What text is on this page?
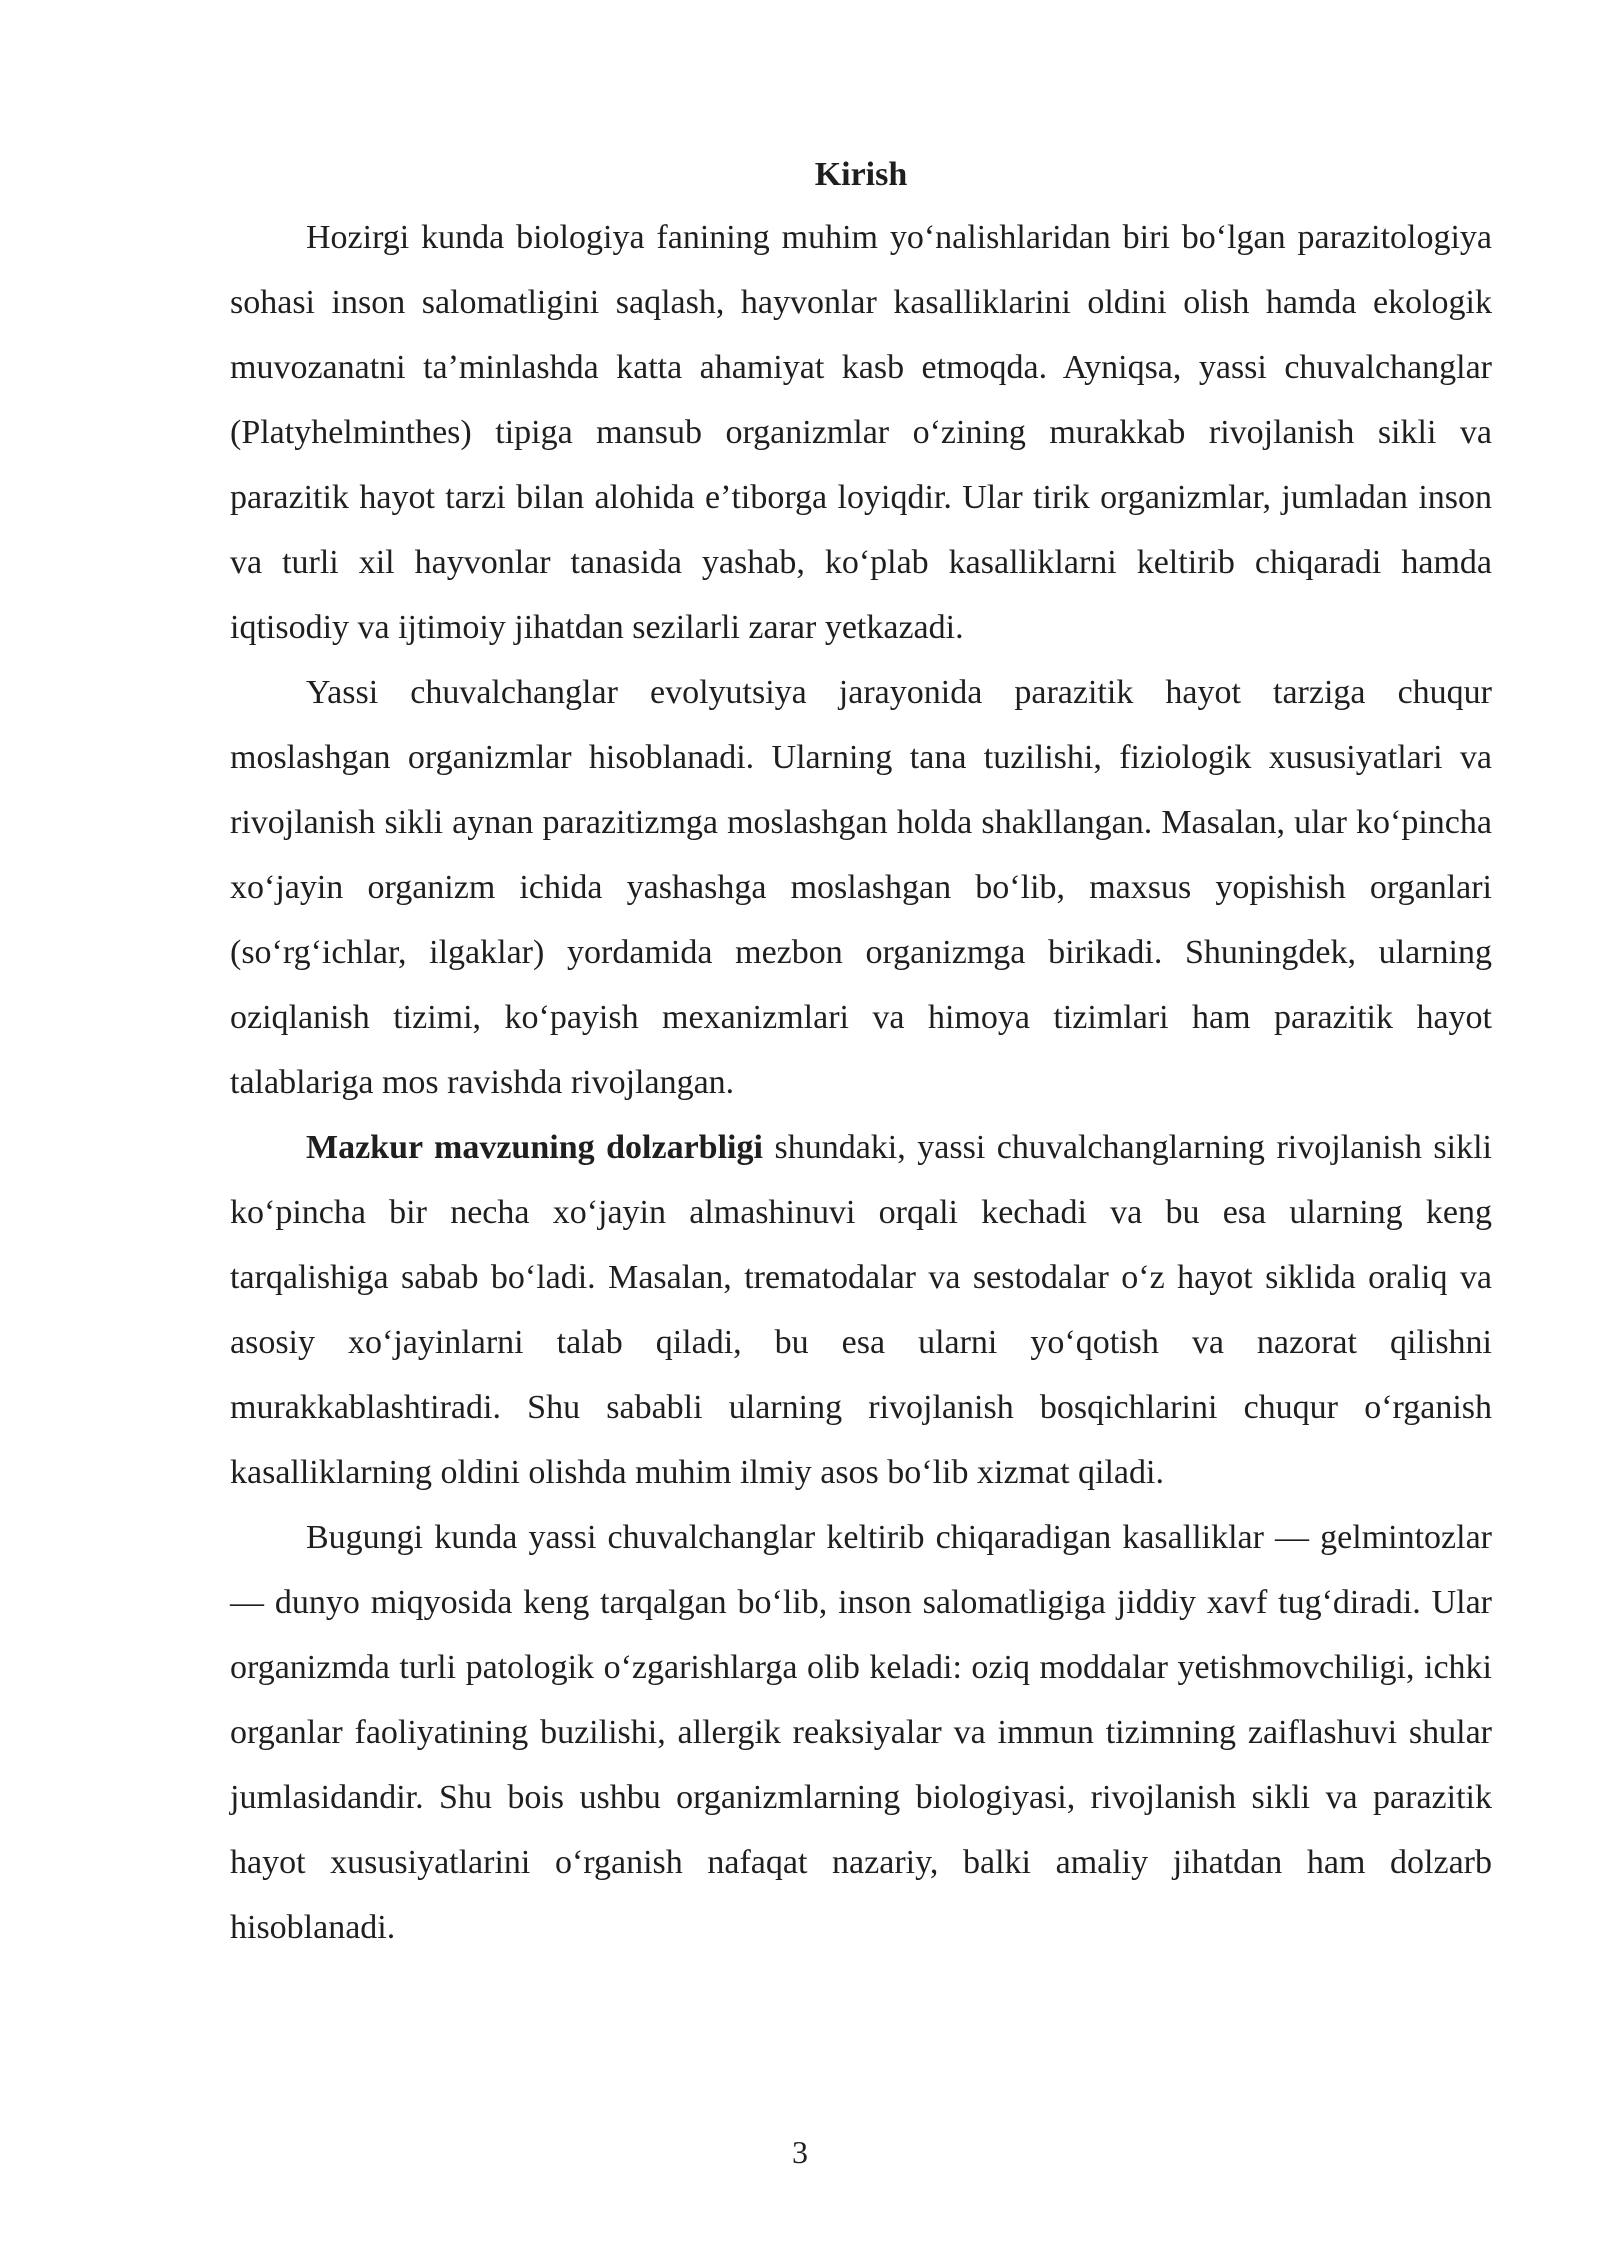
Kirish

Hozirgi kunda biologiya fanining muhim yoʻnalishlaridan biri boʻlgan parazitologiya sohasi inson salomatligini saqlash, hayvonlar kasalliklarini oldini olish hamda ekologik muvozanatni taʼminlashda katta ahamiyat kasb etmoqda. Ayniqsa, yassi chuvalchanglar (Platyhelminthes) tipiga mansub organizmlar oʻzining murakkab rivojlanish sikli va parazitik hayot tarzi bilan alohida eʼtiborga loyiqdir. Ular tirik organizmlar, jumladan inson va turli xil hayvonlar tanasida yashab, koʻplab kasalliklarni keltirib chiqaradi hamda iqtisodiy va ijtimoiy jihatdan sezilarli zarar yetkazadi.

Yassi chuvalchanglar evolyutsiya jarayonida parazitik hayot tarziga chuqur moslashgan organizmlar hisoblanadi. Ularning tana tuzilishi, fiziologik xususiyatlari va rivojlanish sikli aynan parazitizmga moslashgan holda shakllangan. Masalan, ular koʻpincha xoʻjayin organizm ichida yashashga moslashgan boʻlib, maxsus yopishish organlari (soʻrgʻichlar, ilgaklar) yordamida mezbon organizmga birikadi. Shuningdek, ularning oziqlanish tizimi, koʻpayish mexanizmlari va himoya tizimlari ham parazitik hayot talablariga mos ravishda rivojlangan.

Mazkur mavzuning dolzarbligi shundaki, yassi chuvalchanglarning rivojlanish sikli koʻpincha bir necha xoʻjayin almashinuvi orqali kechadi va bu esa ularning keng tarqalishiga sabab boʻladi. Masalan, trematodalar va sestodalar oʻz hayot siklida oraliq va asosiy xoʻjayinlarni talab qiladi, bu esa ularni yoʻqotish va nazorat qilishni murakkablashtiradi. Shu sababli ularning rivojlanish bosqichlarini chuqur oʻrganish kasalliklarning oldini olishda muhim ilmiy asos boʻlib xizmat qiladi.

Bugungi kunda yassi chuvalchanglar keltirib chiqaradigan kasalliklar — gelmintozlar — dunyo miqyosida keng tarqalgan boʻlib, inson salomatligiga jiddiy xavf tugʻdiradi. Ular organizmda turli patologik oʻzgarishlarga olib keladi: oziq moddalar yetishmovchiligi, ichki organlar faoliyatining buzilishi, allergik reaksiyalar va immun tizimning zaiflashuvi shular jumlasidandir. Shu bois ushbu organizmlarning biologiyasi, rivojlanish sikli va parazitik hayot xususiyatlarini oʻrganish nafaqat nazariy, balki amaliy jihatdan ham dolzarb hisoblanadi.

3
